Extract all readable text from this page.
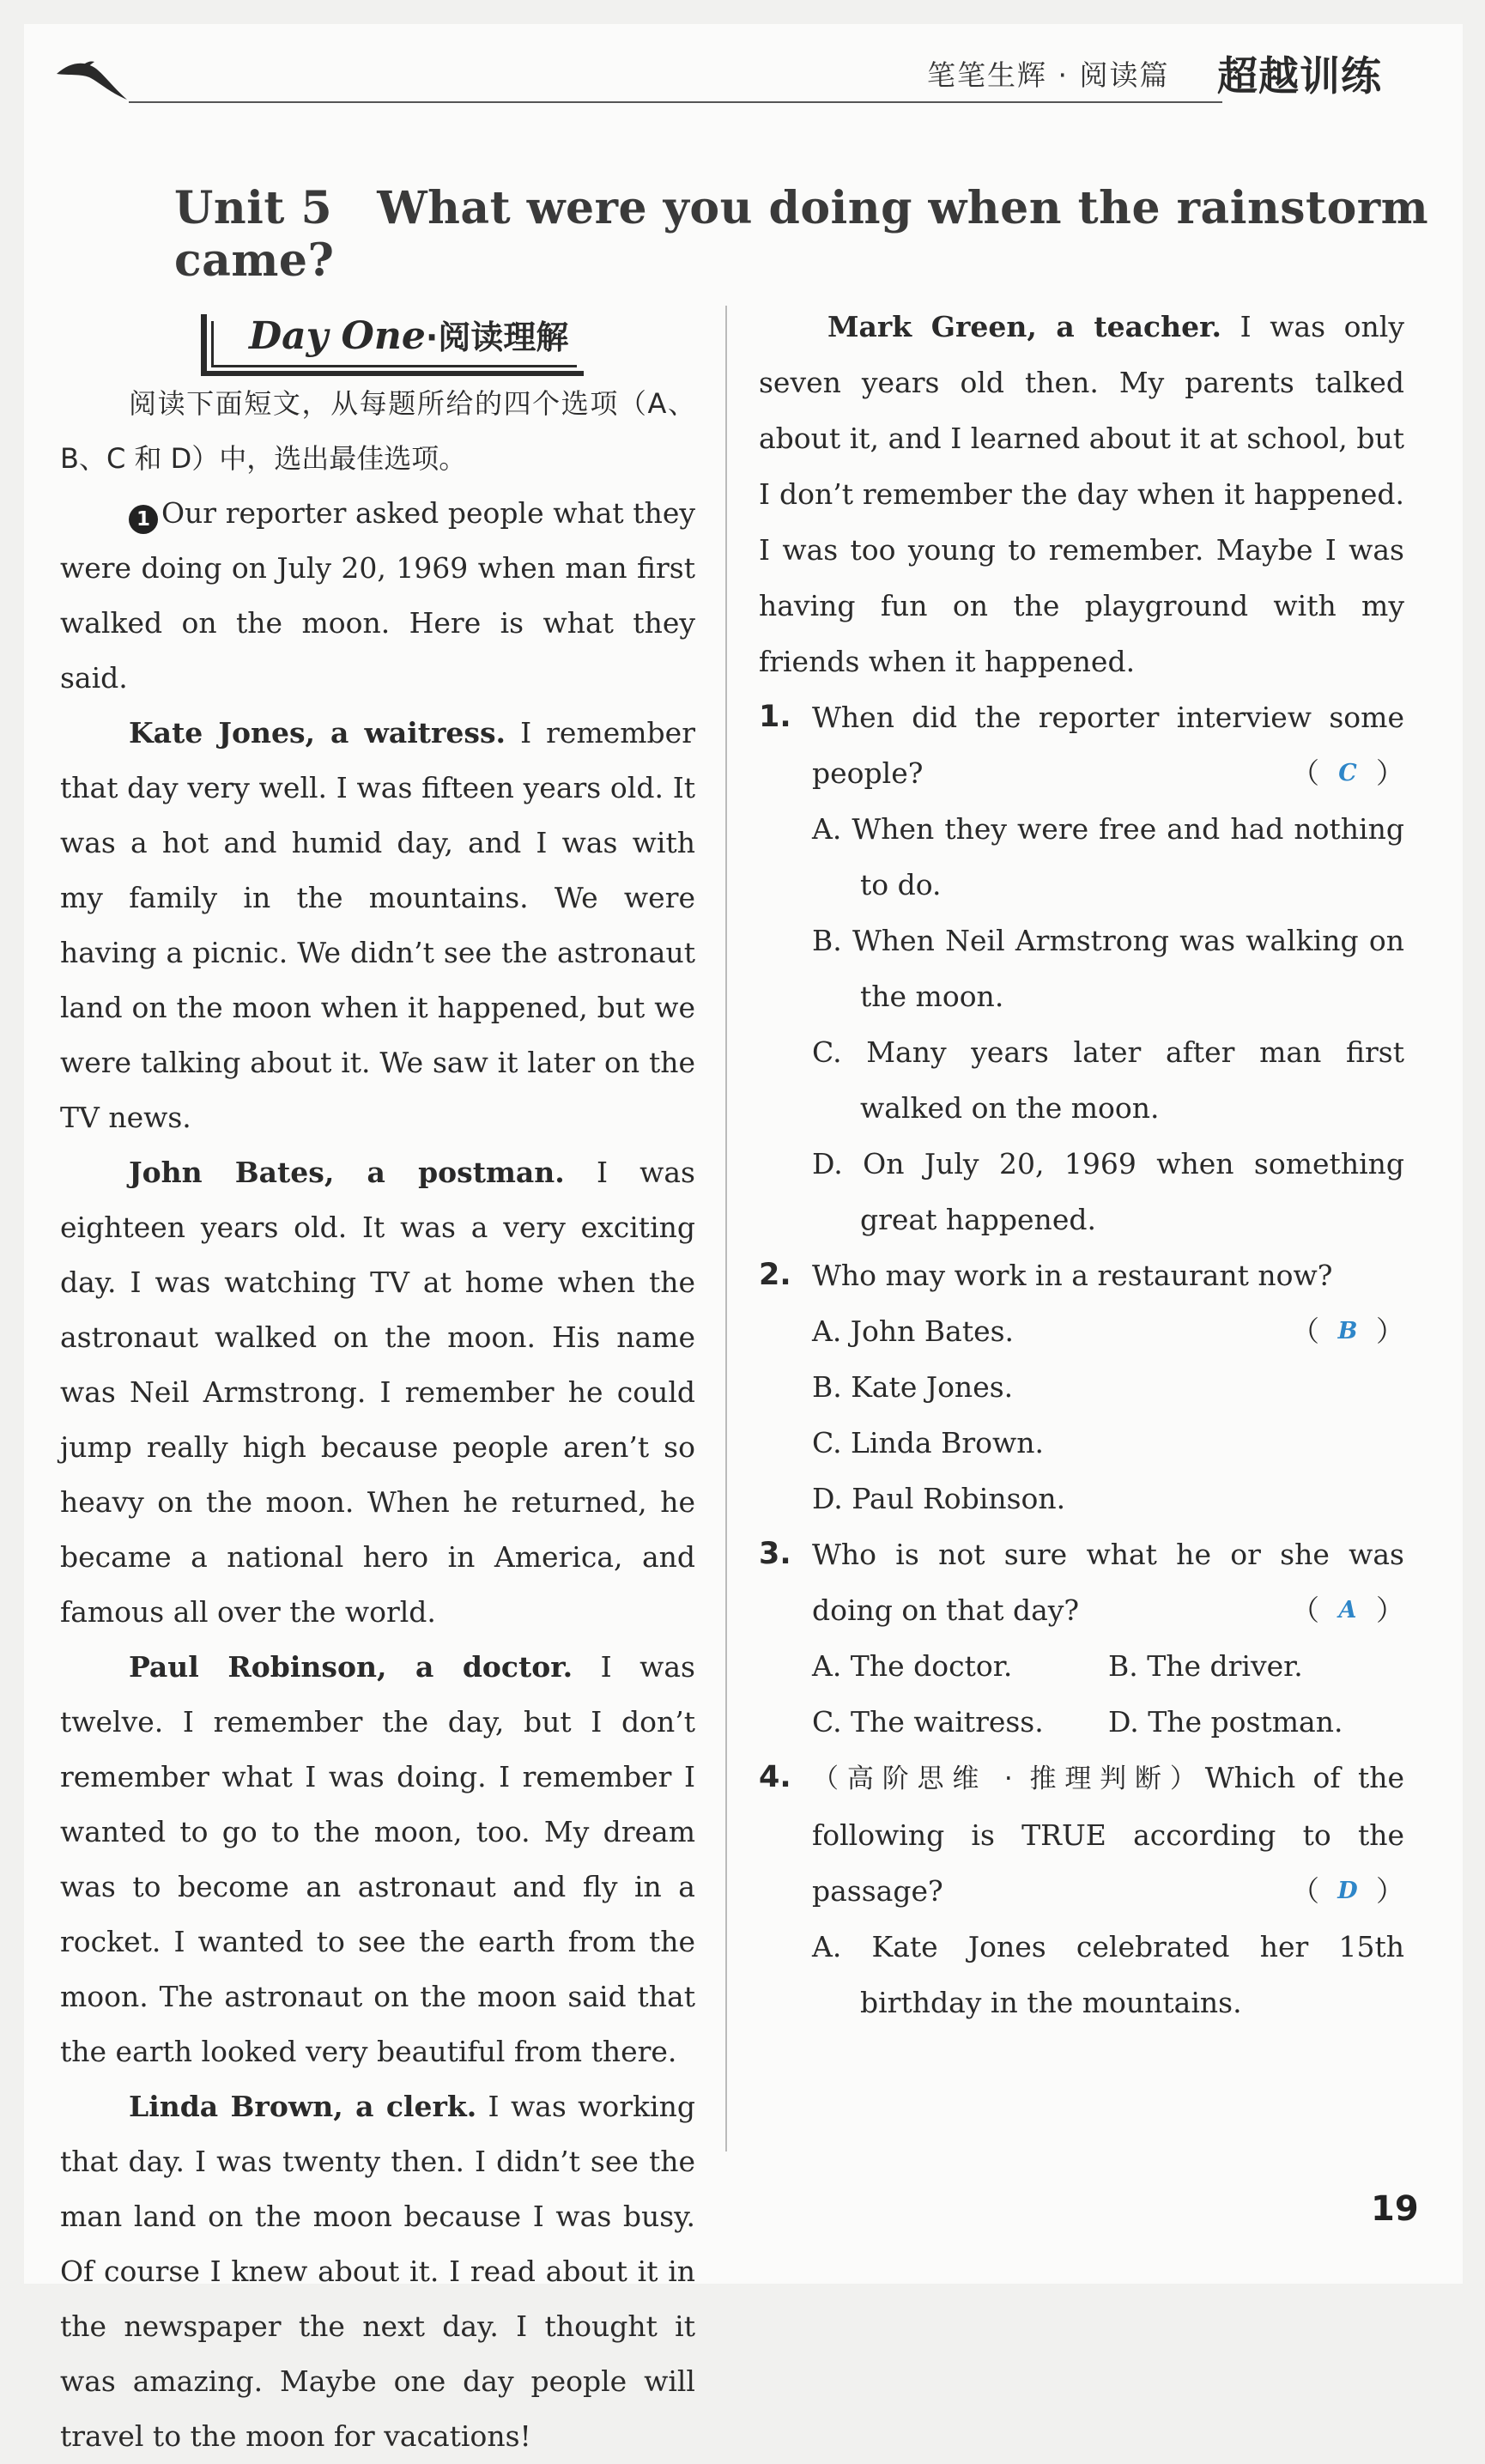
笔笔生辉 · 阅读篇 超越训练
Unit 5 What were you doing when the rainstorm came?
Day One·阅读理解

阅读下面短文，从每题所给的四个选项（A、B、C 和 D）中，选出最佳选项。

1 Our reporter asked people what they were doing on July 20, 1969 when man first walked on the moon. Here is what they said.

Kate Jones, a waitress. I remember that day very well. I was fifteen years old. It was a hot and humid day, and I was with my family in the mountains. We were having a picnic. We didn’t see the astronaut land on the moon when it happened, but we were talking about it. We saw it later on the TV news.

John Bates, a postman. I was eighteen years old. It was a very exciting day. I was watching TV at home when the astronaut walked on the moon. His name was Neil Armstrong. I remember he could jump really high because people aren’t so heavy on the moon. When he returned, he became a national hero in America, and famous all over the world.

Paul Robinson, a doctor. I was twelve. I remember the day, but I don’t remember what I was doing. I remember I wanted to go to the moon, too. My dream was to become an astronaut and fly in a rocket. I wanted to see the earth from the moon. The astronaut on the moon said that the earth looked very beautiful from there.

Linda Brown, a clerk. I was working that day. I was twenty then. I didn’t see the man land on the moon because I was busy. Of course I knew about it. I read about it in the newspaper the next day. I thought it was amazing. Maybe one day people will travel to the moon for vacations!

Mark Green, a teacher. I was only seven years old then. My parents talked about it, and I learned about it at school, but I don’t remember the day when it happened. I was too young to remember. Maybe I was having fun on the playground with my friends when it happened.

1. When did the reporter interview some people?	（ C ）

A. When they were free and had nothing to do.
B. When Neil Armstrong was walking on the moon.
C. Many years later after man first walked on the moon.
D. On July 20, 1969 when something great happened.
2. Who may work in a restaurant now?
（ B ）

A. John Bates.
B. Kate Jones.
C. Linda Brown.
D. Paul Robinson.
3. Who is not sure what he or she was doing on that day?	（ A ）

A. The doctor.	B. The driver.
C. The waitress.	D. The postman.
4. （高阶思维 · 推理判断）Which of the following is TRUE according to the passage?	（ D ）

A. Kate Jones celebrated her 15th birthday in the mountains.
19
